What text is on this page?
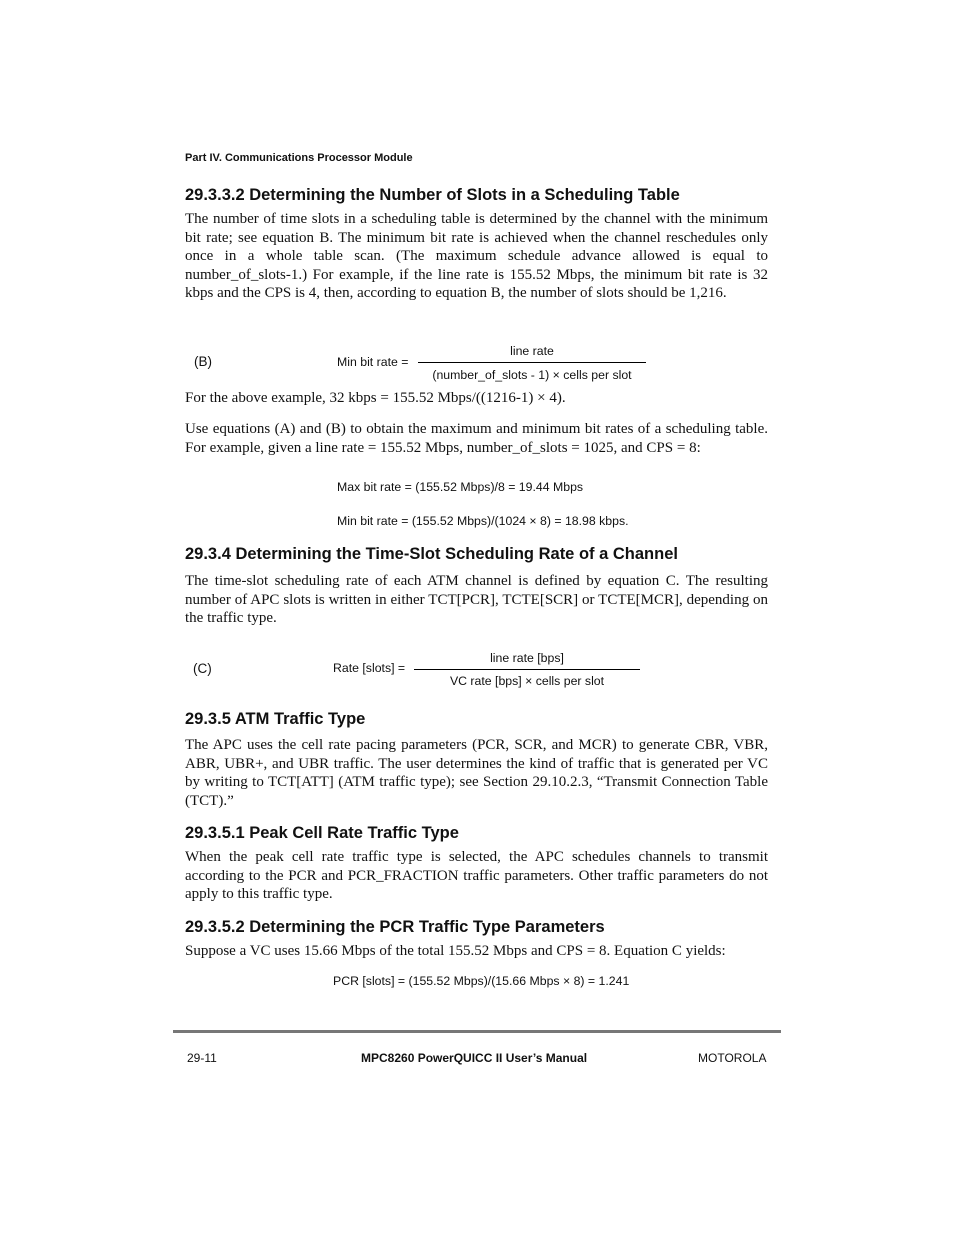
Part IV. Communications Processor Module
29.3.3.2 Determining the Number of Slots in a Scheduling Table

The number of time slots in a scheduling table is determined by the channel with the minimum bit rate; see equation B. The minimum bit rate is achieved when the channel reschedules only once in a whole table scan. (The maximum schedule advance allowed is equal to number_of_slots-1.) For example, if the line rate is 155.52 Mbps, the minimum bit rate is 32 kbps and the CPS is 4, then, according to equation B, the number of slots should be 1,216.

(B)	Min bit rate =
line rate
(number_of_slots - 1) × cells per slot

For the above example, 32 kbps = 155.52 Mbps/((1216-1) × 4).

Use equations (A) and (B) to obtain the maximum and minimum bit rates of a scheduling table. For example, given a line rate = 155.52 Mbps, number_of_slots = 1025, and CPS = 8:

Max bit rate = (155.52 Mbps)/8 = 19.44 Mbps
Min bit rate = (155.52 Mbps)/(1024 × 8) = 18.98 kbps.
29.3.4 Determining the Time-Slot Scheduling Rate of a Channel

The time-slot scheduling rate of each ATM channel is defined by equation C. The resulting number of APC slots is written in either TCT[PCR], TCTE[SCR] or TCTE[MCR], depending on the traffic type.

(C)	Rate [slots] =
line rate [bps]
VC rate [bps] × cells per slot
29.3.5 ATM Traffic Type

The APC uses the cell rate pacing parameters (PCR, SCR, and MCR) to generate CBR, VBR, ABR, UBR+, and UBR traffic. The user determines the kind of traffic that is generated per VC by writing to TCT[ATT] (ATM traffic type); see Section 29.10.2.3, “Transmit Connection Table (TCT).”

29.3.5.1 Peak Cell Rate Traffic Type

When the peak cell rate traffic type is selected, the APC schedules channels to transmit according to the PCR and PCR_FRACTION traffic parameters. Other traffic parameters do not apply to this traffic type.

29.3.5.2 Determining the PCR Traffic Type Parameters

Suppose a VC uses 15.66 Mbps of the total 155.52 Mbps and CPS = 8. Equation C yields:

PCR [slots] = (155.52 Mbps)/(15.66 Mbps × 8) = 1.241
29-11	MPC8260 PowerQUICC II User’s Manual	MOTOROLA
